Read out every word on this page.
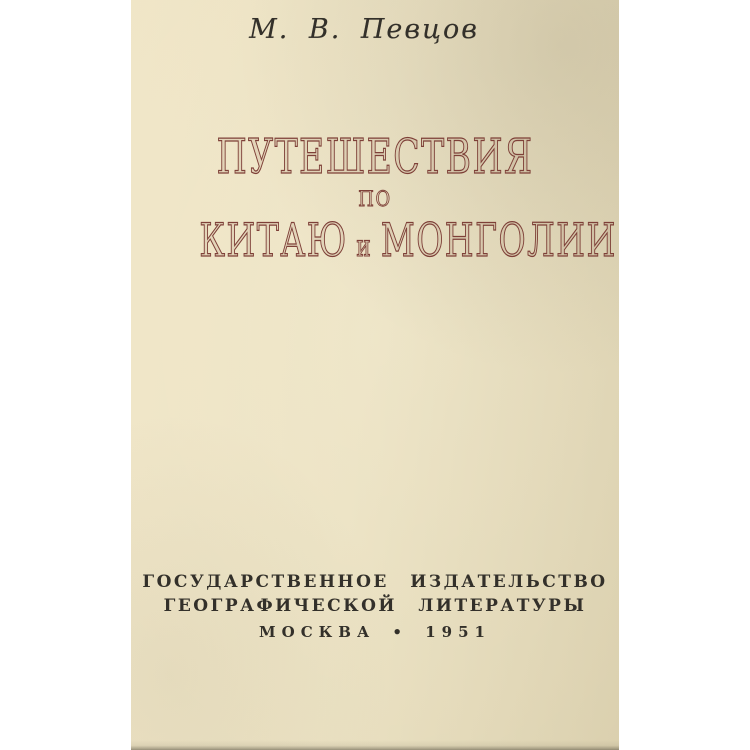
М. В. Певцов
ПУТЕШЕСТВИЯ
ПО
КИТАЮ и МОНГОЛИИ
ГОСУДАРСТВЕННОЕ ИЗДАТЕЛЬСТВО
ГЕОГРАФИЧЕСКОЙ ЛИТЕРАТУРЫ
МОСКВА • 1951
